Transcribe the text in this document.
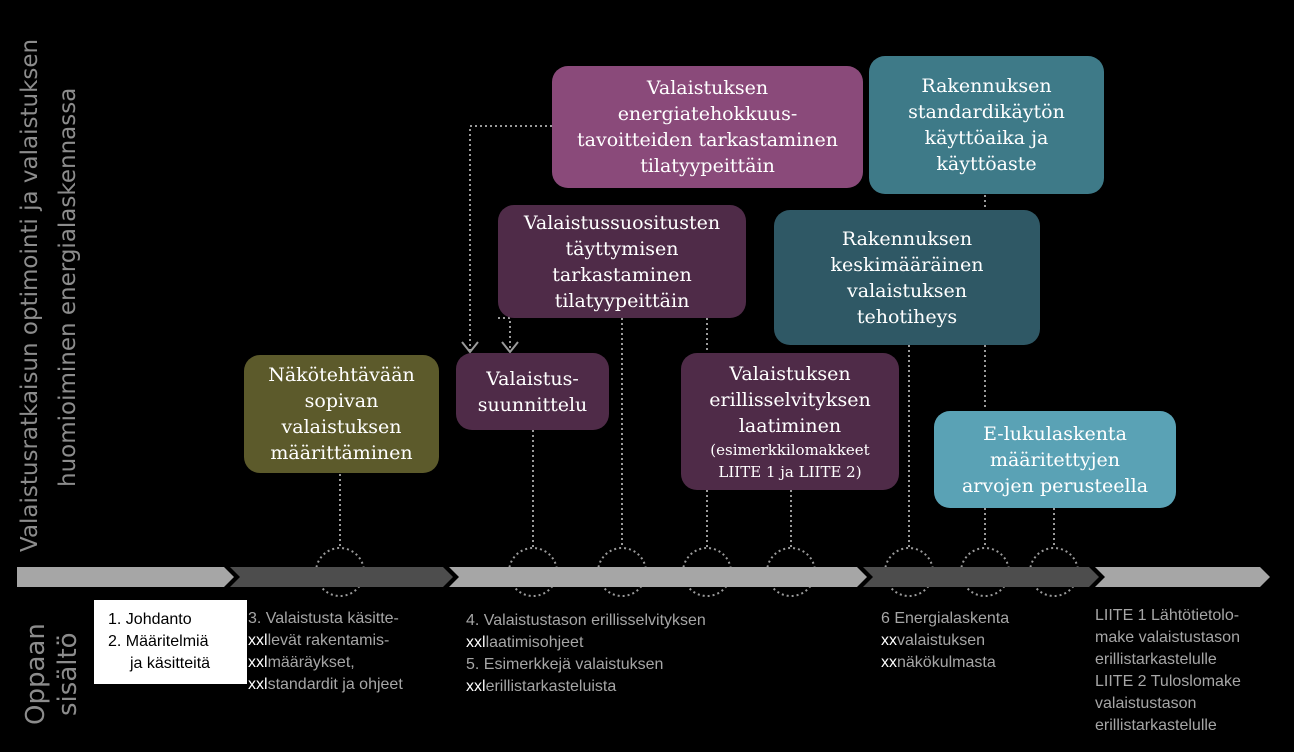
Valaistusratkaisun optimointi ja valaistuksen huomioiminen energialaskennassa
Oppaan sisältö
Näkötehtävään
sopivan
valaistuksen
määrittäminen
Valaistus-
suunnittelu
Valaistussuositusten
täyttymisen
tarkastaminen
tilatyypeittäin
Valaistuksen
energiatehokkuus-
tavoitteiden tarkastaminen
tilatyypeittäin
Valaistuksen
erillisselvityksen
laatiminen
(esimerkkilomakkeet
LIITE 1 ja LIITE 2)
Rakennuksen
standardikäytön
käyttöaika ja
käyttöaste
Rakennuksen
keskimääräinen
valaistuksen
tehotiheys
E-lukulaskenta
määritettyjen
arvojen perusteella
1. Johdanto
2. Määritelmiä
ja käsitteitä
3. Valaistusta käsitte-
xxllevät rakentamis-
xxlmääräykset,
xxlstandardit ja ohjeet
4. Valaistustason erillisselvityksen
xxllaatimisohjeet
5. Esimerkkejä valaistuksen
xxlerillistarkasteluista
6 Energialaskenta
xxvalaistuksen
xxnäkökulmasta
LIITE 1 Lähtötietolo-
make valaistustason
erillistarkastelulle
LIITE 2 Tuloslomake
valaistustason
erillistarkastelulle
